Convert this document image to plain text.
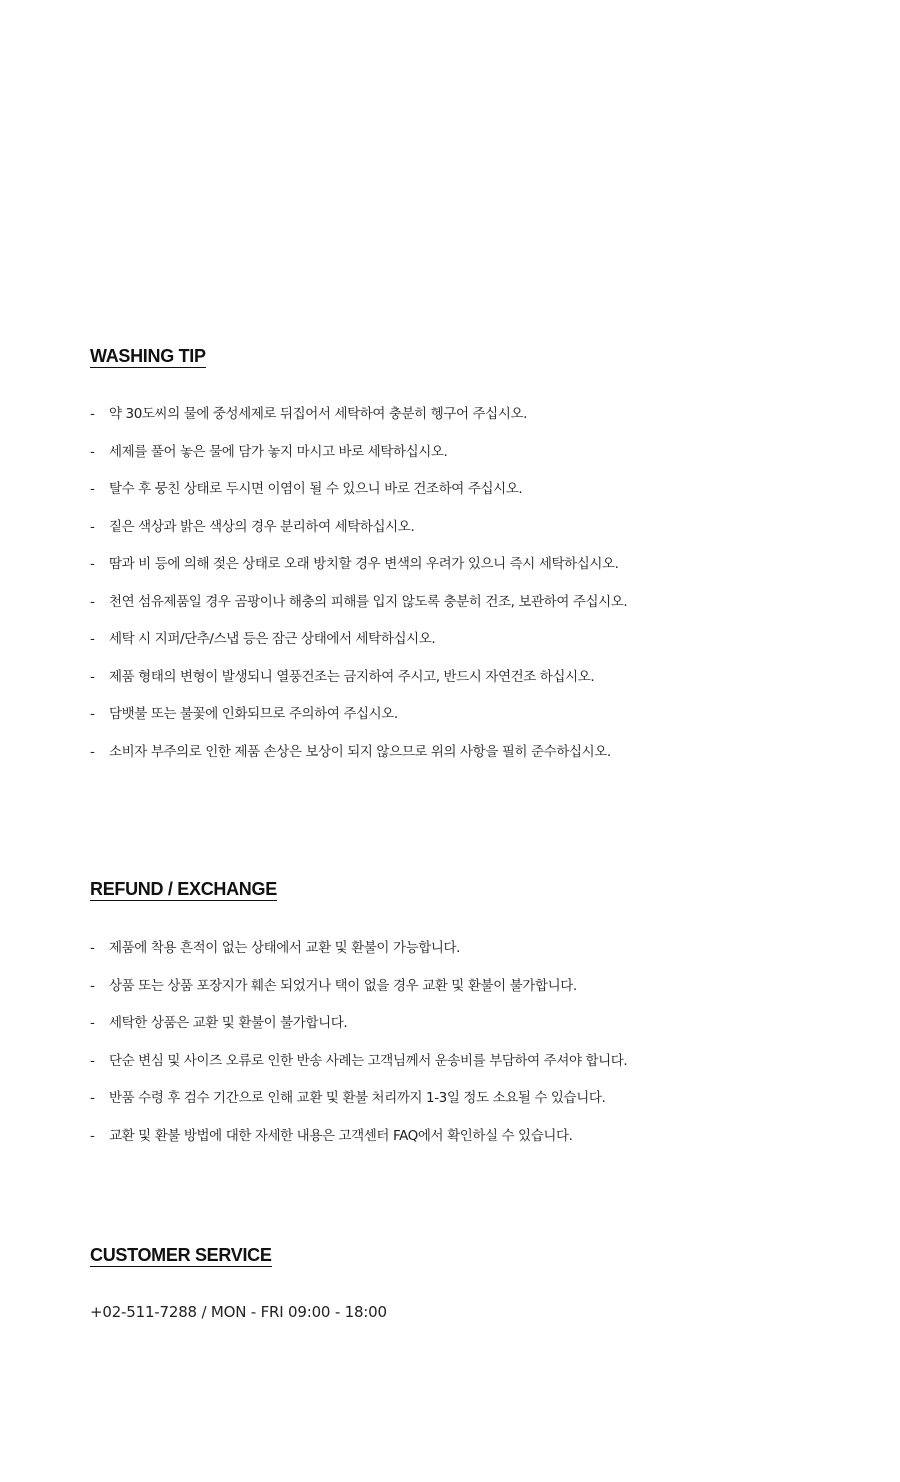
WASHING TIP
- 약 30도씨의 물에 중성세제로 뒤집어서 세탁하여 충분히 헹구어 주십시오.
- 세제를 풀어 놓은 물에 담가 놓지 마시고 바로 세탁하십시오.
- 탈수 후 뭉친 상태로 두시면 이염이 될 수 있으니 바로 건조하여 주십시오.
- 짙은 색상과 밝은 색상의 경우 분리하여 세탁하십시오.
- 땀과 비 등에 의해 젖은 상태로 오래 방치할 경우 변색의 우려가 있으니 즉시 세탁하십시오.
- 천연 섬유제품일 경우 곰팡이나 해충의 피해를 입지 않도록 충분히 건조, 보관하여 주십시오.
- 세탁 시 지퍼/단추/스냅 등은 잠근 상태에서 세탁하십시오.
- 제품 형태의 변형이 발생되니 열풍건조는 금지하여 주시고, 반드시 자연건조 하십시오.
- 담뱃불 또는 불꽃에 인화되므로 주의하여 주십시오.
- 소비자 부주의로 인한 제품 손상은 보상이 되지 않으므로 위의 사항을 필히 준수하십시오.
REFUND / EXCHANGE
- 제품에 착용 흔적이 없는 상태에서 교환 및 환불이 가능합니다.
- 상품 또는 상품 포장지가 훼손 되었거나 택이 없을 경우 교환 및 환불이 불가합니다.
- 세탁한 상품은 교환 및 환불이 불가합니다.
- 단순 변심 및 사이즈 오류로 인한 반송 사례는 고객님께서 운송비를 부담하여 주셔야 합니다.
- 반품 수령 후 검수 기간으로 인해 교환 및 환불 처리까지 1-3일 정도 소요될 수 있습니다.
- 교환 및 환불 방법에 대한 자세한 내용은 고객센터 FAQ에서 확인하실 수 있습니다.
CUSTOMER SERVICE
+02-511-7288 / MON - FRI 09:00 - 18:00
